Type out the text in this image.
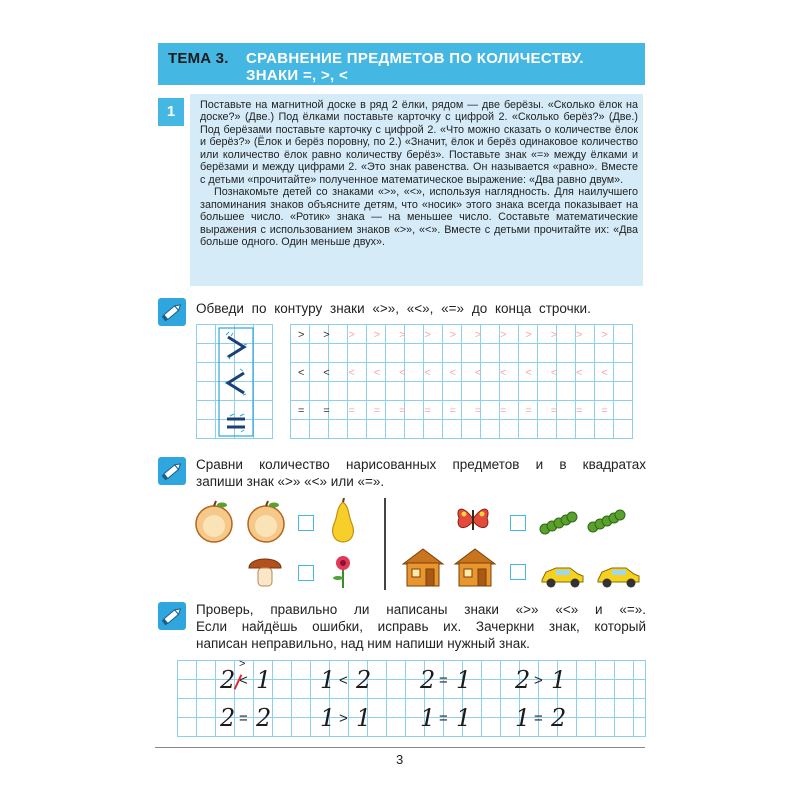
ТЕМА 3. СРАВНЕНИЕ ПРЕДМЕТОВ ПО КОЛИЧЕСТВУ.
ЗНАКИ =, >, <
1	Поставьте на магнитной доске в ряд 2 ёлки, рядом — две берёзы. «Сколько ёлок на доске?» (Две.) Под ёлками поставьте карточку с цифрой 2. «Сколько берёз?» (Две.) Под берёзами поставьте карточку с цифрой 2. «Что можно сказать о количестве ёлок и берёз?» (Ёлок и берёз поровну, по 2.) «Значит, ёлок и берёз одинаковое количество или количество ёлок равно количеству берёз». Поставьте знак «=» между ёлками и берёзами и между цифрами 2. «Это знак равенства. Он называется «равно». Вместе с детьми «прочитайте» полученное математическое выражение: «Два равно двум».

Познакомьте детей со знаками «>», «<», используя наглядность. Для наилучшего запоминания знаков объясните детям, что «носик» этого знака всегда показывает на большее число. «Ротик» знака — на меньшее число. Составьте математические выражения с использованием знаков «>», «<». Вместе с детьми прочитайте их: «Два больше одного. Один меньше двух».

Обведи по контуру знаки «>», «<», «=» до конца строчки.
> > > > > > > > > > > > >
< < < < < < < < < < < < <
= = = = = = = = = = = = =
Сравни количество нарисованных предметов и в квадратах
запиши знак «>» «<» или «=».
Проверь, правильно ли написаны знаки «>» «<» и «=».
Если найдёшь ошибки, исправь их. Зачеркни знак, который
написан неправильно, над ним напиши нужный знак.
2 < 1
>
1 < 2 2 = 1 2 > 1
2 = 2 1 > 1 1 = 1 1 = 2
3
